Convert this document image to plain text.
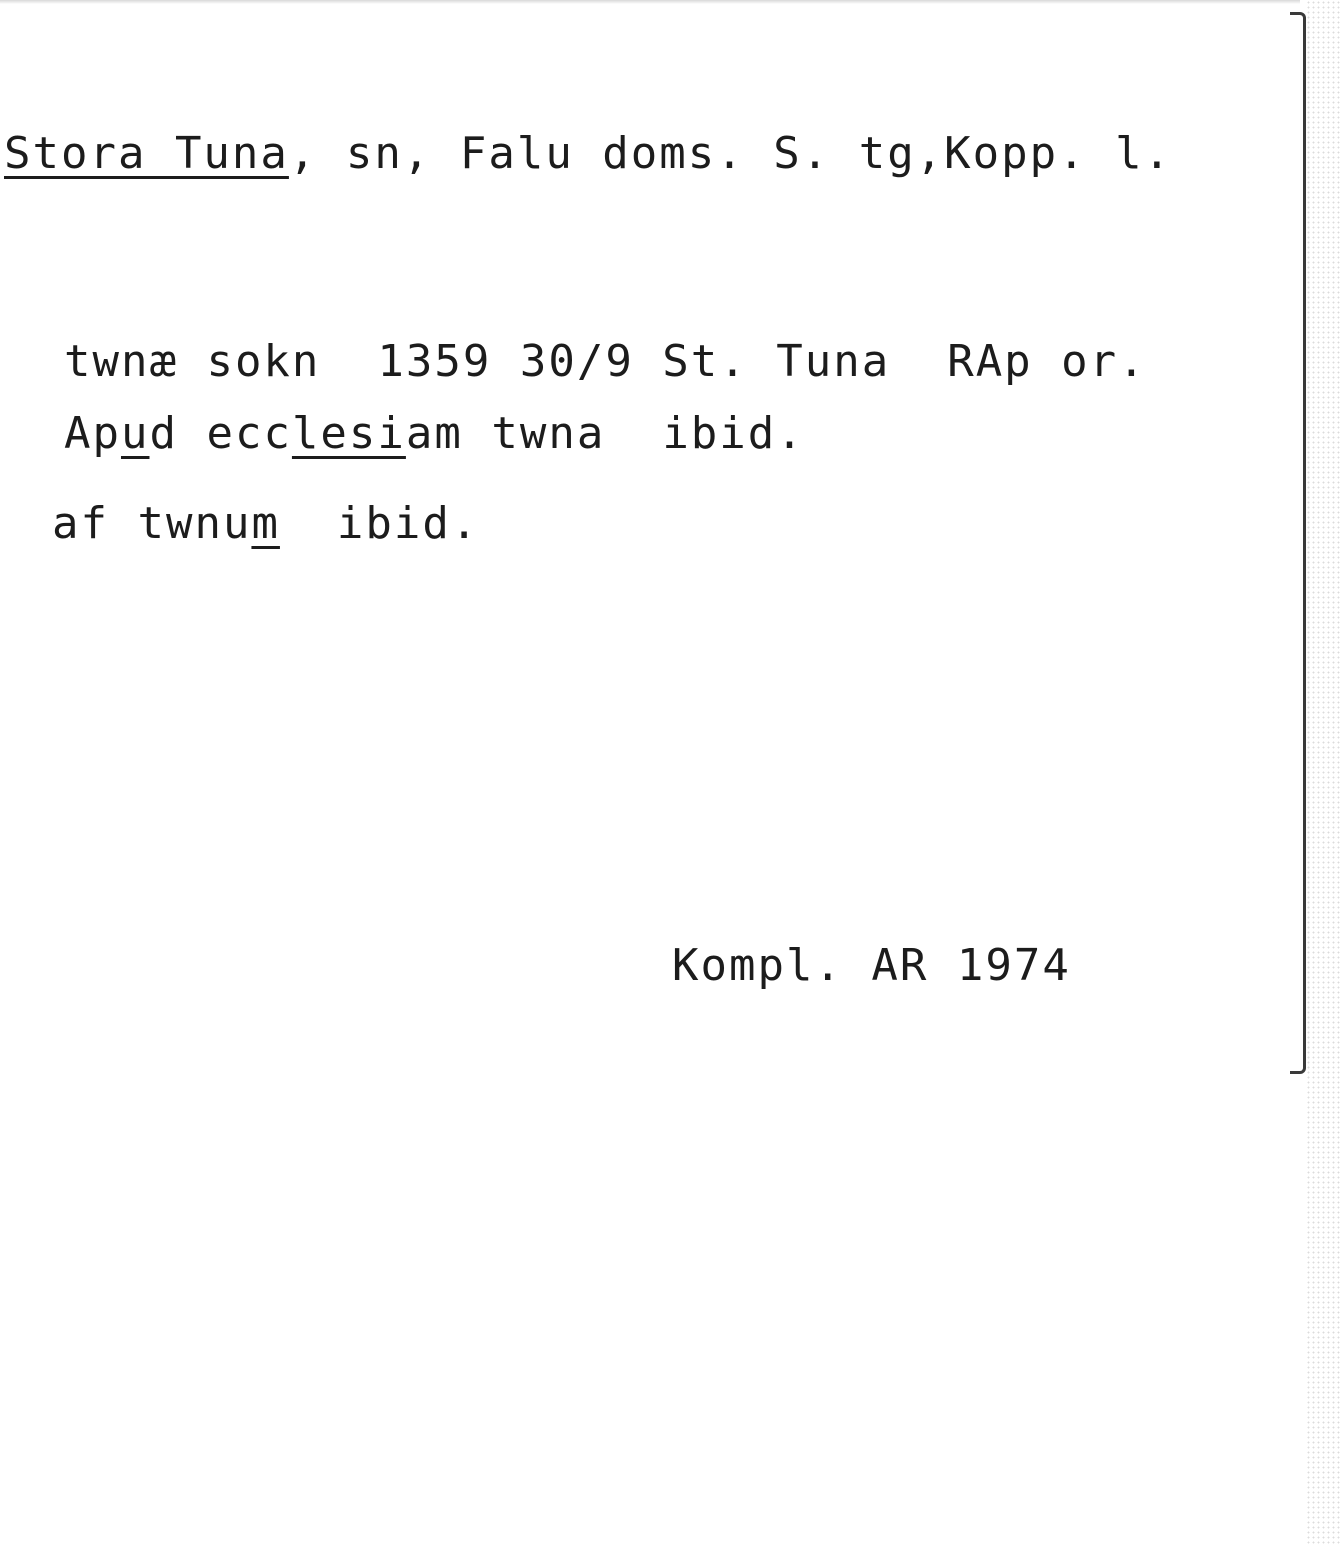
Stora Tuna, sn, Falu doms. S. tg,Kopp. l.
twnæ sokn  1359 30/9 St. Tuna  RAp or.
Apud ecclesiam twna  ibid.
af twnum  ibid.
Kompl. AR 1974
